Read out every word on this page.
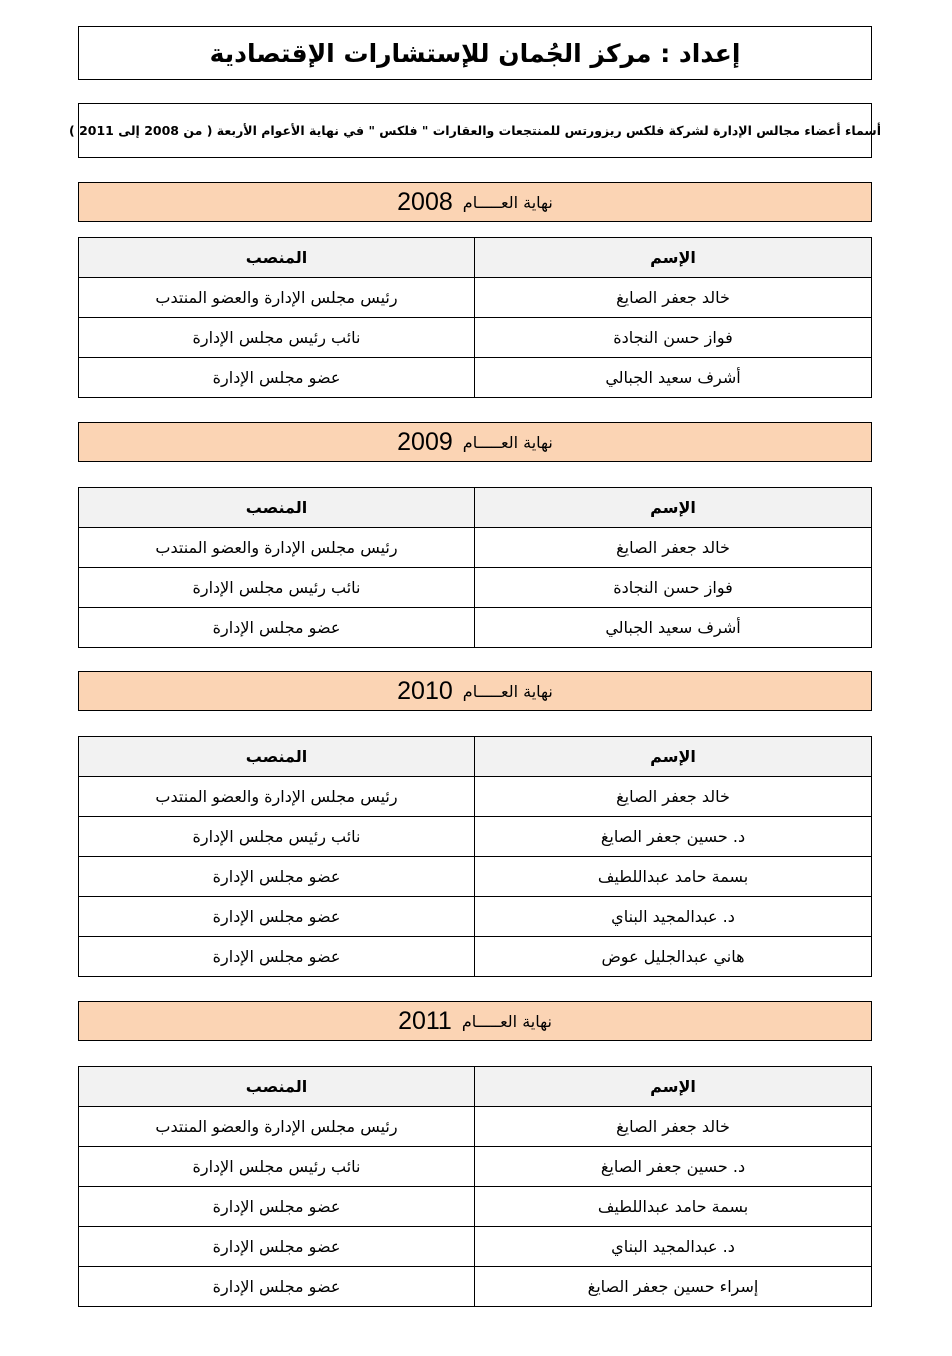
إعداد : مركز الجُمان للإستشارات الإقتصادية
أسماء أعضاء مجالس الإدارة لشركة فلكس ريزورتس للمنتجعات والعقارات " فلكس " في نهاية الأعوام الأربعة ( من 2008 إلى 2011 )
نهاية العـــــام
2008
الإسم
المنصب
خالد جعفر الصايغ
رئيس مجلس الإدارة والعضو المنتدب
فواز حسن النجادة
نائب رئيس مجلس الإدارة
أشرف سعيد الجبالي
عضو مجلس الإدارة
نهاية العـــــام
2009
الإسم
المنصب
خالد جعفر الصايغ
رئيس مجلس الإدارة والعضو المنتدب
فواز حسن النجادة
نائب رئيس مجلس الإدارة
أشرف سعيد الجبالي
عضو مجلس الإدارة
نهاية العـــــام
2010
الإسم
المنصب
خالد جعفر الصايغ
رئيس مجلس الإدارة والعضو المنتدب
د. حسين جعفر الصايغ
نائب رئيس مجلس الإدارة
بسمة حامد عبداللطيف
عضو مجلس الإدارة
د. عبدالمجيد البناي
عضو مجلس الإدارة
هاني عبدالجليل عوض
عضو مجلس الإدارة
نهاية العـــــام
2011
الإسم
المنصب
خالد جعفر الصايغ
رئيس مجلس الإدارة والعضو المنتدب
د. حسين جعفر الصايغ
نائب رئيس مجلس الإدارة
بسمة حامد عبداللطيف
عضو مجلس الإدارة
د. عبدالمجيد البناي
عضو مجلس الإدارة
إسراء حسين جعفر الصايغ
عضو مجلس الإدارة
